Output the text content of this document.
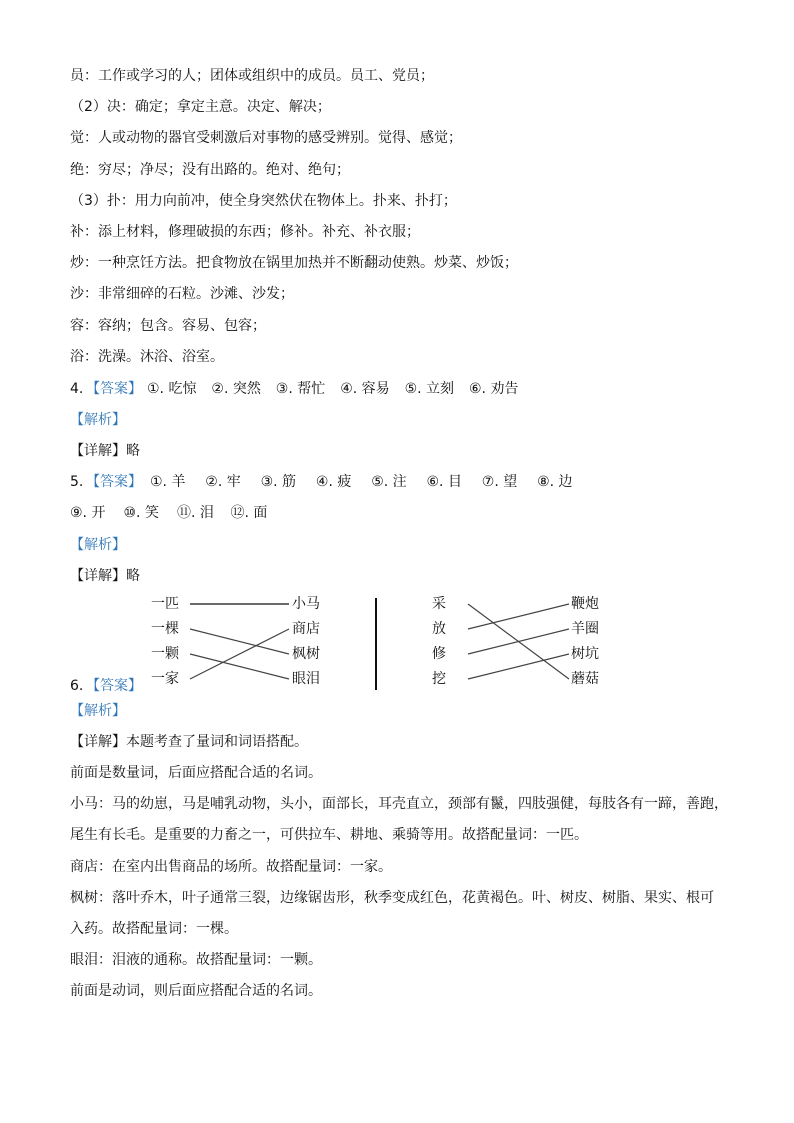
员：工作或学习的人；团体或组织中的成员。员工、党员；
（2）决：确定；拿定主意。决定、解决；
觉：人或动物的器官受刺激后对事物的感受辨别。觉得、感觉；
绝：穷尽；净尽；没有出路的。绝对、绝句；
（3）扑：用力向前冲，使全身突然伏在物体上。扑来、扑打；
补：添上材料，修理破损的东西；修补。补充、补衣服；
炒：一种烹饪方法。把食物放在锅里加热并不断翻动使熟。炒菜、炒饭；
沙：非常细碎的石粒。沙滩、沙发；
容：容纳；包含。容易、包容；
浴：洗澡。沐浴、浴室。
4. 【答案】 ①. 吃惊 ②. 突然 ③. 帮忙 ④. 容易 ⑤. 立刻 ⑥. 劝告
【解析】
【详解】略
5. 【答案】 ①. 羊 ②. 牢 ③. 筋 ④. 疲 ⑤. 注 ⑥. 目 ⑦. 望 ⑧. 边
⑨. 开 ⑩. 笑 ⑪. 泪 ⑫. 面
【解析】
【详解】略
一匹
一棵
一颗
一家
小马
商店
枫树
眼泪
采
放
修
挖
鞭炮
羊圈
树坑
蘑菇
6. 【答案】
【解析】
【详解】本题考查了量词和词语搭配。
前面是数量词，后面应搭配合适的名词。
小马：马的幼崽，马是哺乳动物，头小，面部长，耳壳直立，颈部有鬣，四肢强健，每肢各有一蹄，善跑，
尾生有长毛。是重要的力畜之一，可供拉车、耕地、乘骑等用。故搭配量词：一匹。
商店：在室内出售商品的场所。故搭配量词：一家。
枫树：落叶乔木，叶子通常三裂，边缘锯齿形，秋季变成红色，花黄褐色。叶、树皮、树脂、果实、根可
入药。故搭配量词：一棵。
眼泪：泪液的通称。故搭配量词：一颗。
前面是动词，则后面应搭配合适的名词。
